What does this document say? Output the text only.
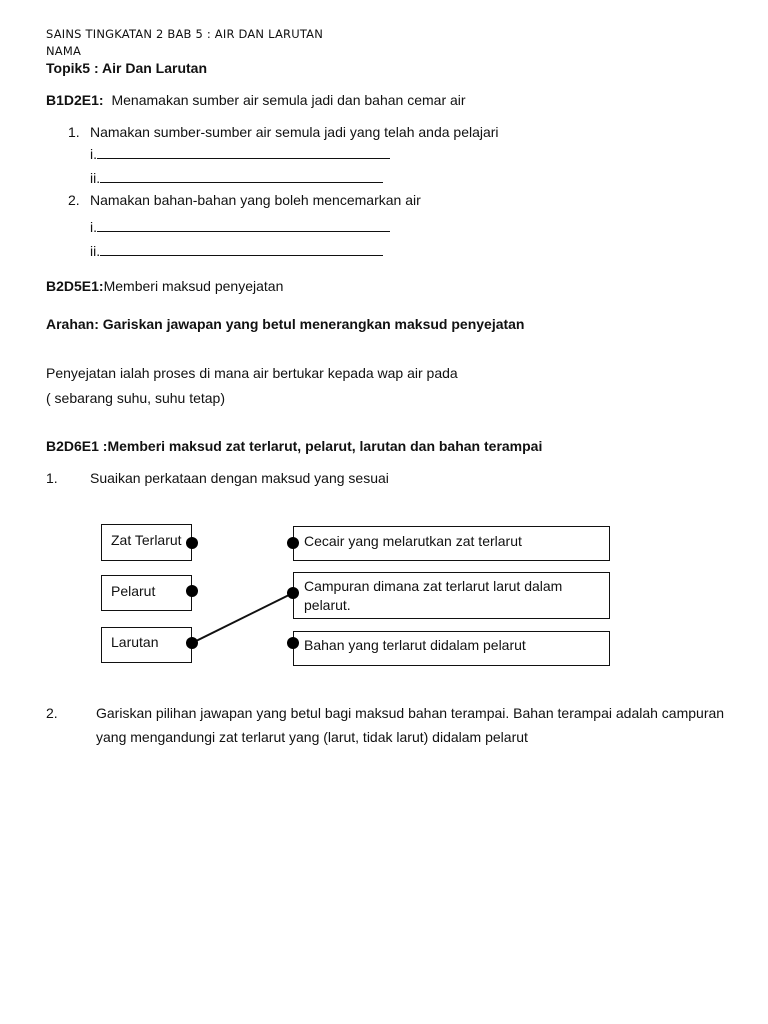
SAINS TINGKATAN 2 BAB 5 : AIR DAN LARUTAN
NAMA
Topik5 : Air Dan Larutan
B1D2E1: Menamakan sumber air semula jadi dan bahan cemar air
1. Namakan sumber-sumber air semula jadi yang telah anda pelajari
i.
ii.
2. Namakan bahan-bahan yang boleh mencemarkan air
i.
ii.
B2D5E1:Memberi maksud penyejatan
Arahan: Gariskan jawapan yang betul menerangkan maksud penyejatan
Penyejatan ialah proses di mana air bertukar kepada wap air pada
( sebarang suhu, suhu tetap)
B2D6E1 :Memberi maksud zat terlarut, pelarut, larutan dan bahan terampai
1. Suaikan perkataan dengan maksud yang sesuai
Zat Terlarut
Pelarut
Larutan
Cecair yang melarutkan zat terlarut
Campuran dimana zat terlarut larut dalam pelarut.
Bahan yang terlarut didalam pelarut
2.	Gariskan pilihan jawapan yang betul bagi maksud bahan terampai. Bahan terampai adalah campuran
yang mengandungi zat terlarut yang (larut, tidak larut) didalam pelarut
